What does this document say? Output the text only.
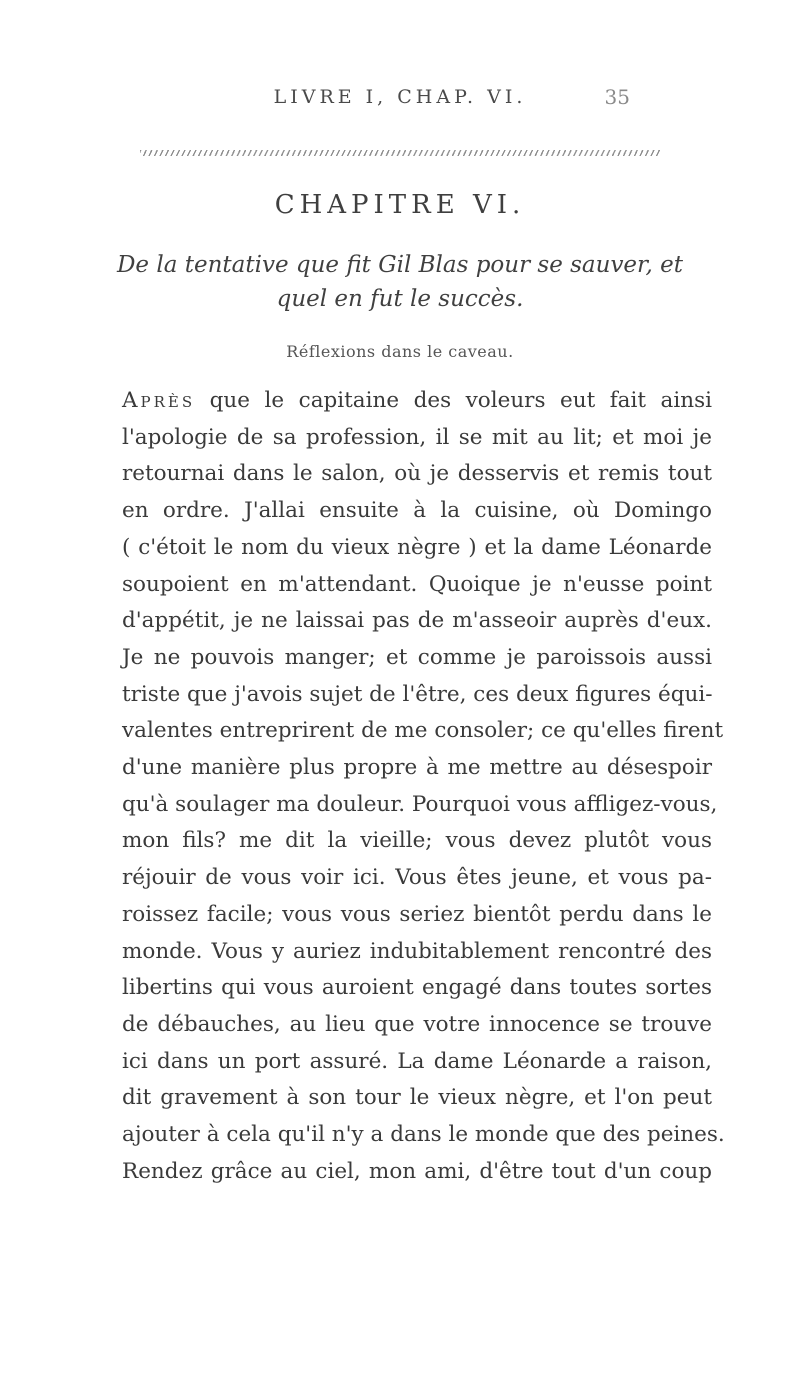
LIVRE I, CHAP. VI.	35
CHAPITRE VI.
De la tentative que fit Gil Blas pour se sauver, et quel en fut le succès.
Réflexions dans le caveau.
Après que le capitaine des voleurs eut fait ainsi
l'apologie de sa profession, il se mit au lit; et moi je
retournai dans le salon, où je desservis et remis tout
en ordre. J'allai ensuite à la cuisine, où Domingo
( c'étoit le nom du vieux nègre ) et la dame Léonarde
soupoient en m'attendant. Quoique je n'eusse point
d'appétit, je ne laissai pas de m'asseoir auprès d'eux.
Je ne pouvois manger; et comme je paroissois aussi
triste que j'avois sujet de l'être, ces deux figures équi-
valentes entreprirent de me consoler; ce qu'elles firent
d'une manière plus propre à me mettre au désespoir
qu'à soulager ma douleur. Pourquoi vous affligez-vous,
mon fils? me dit la vieille; vous devez plutôt vous
réjouir de vous voir ici. Vous êtes jeune, et vous pa-
roissez facile; vous vous seriez bientôt perdu dans le
monde. Vous y auriez indubitablement rencontré des
libertins qui vous auroient engagé dans toutes sortes
de débauches, au lieu que votre innocence se trouve
ici dans un port assuré. La dame Léonarde a raison,
dit gravement à son tour le vieux nègre, et l'on peut
ajouter à cela qu'il n'y a dans le monde que des peines.
Rendez grâce au ciel, mon ami, d'être tout d'un coup
